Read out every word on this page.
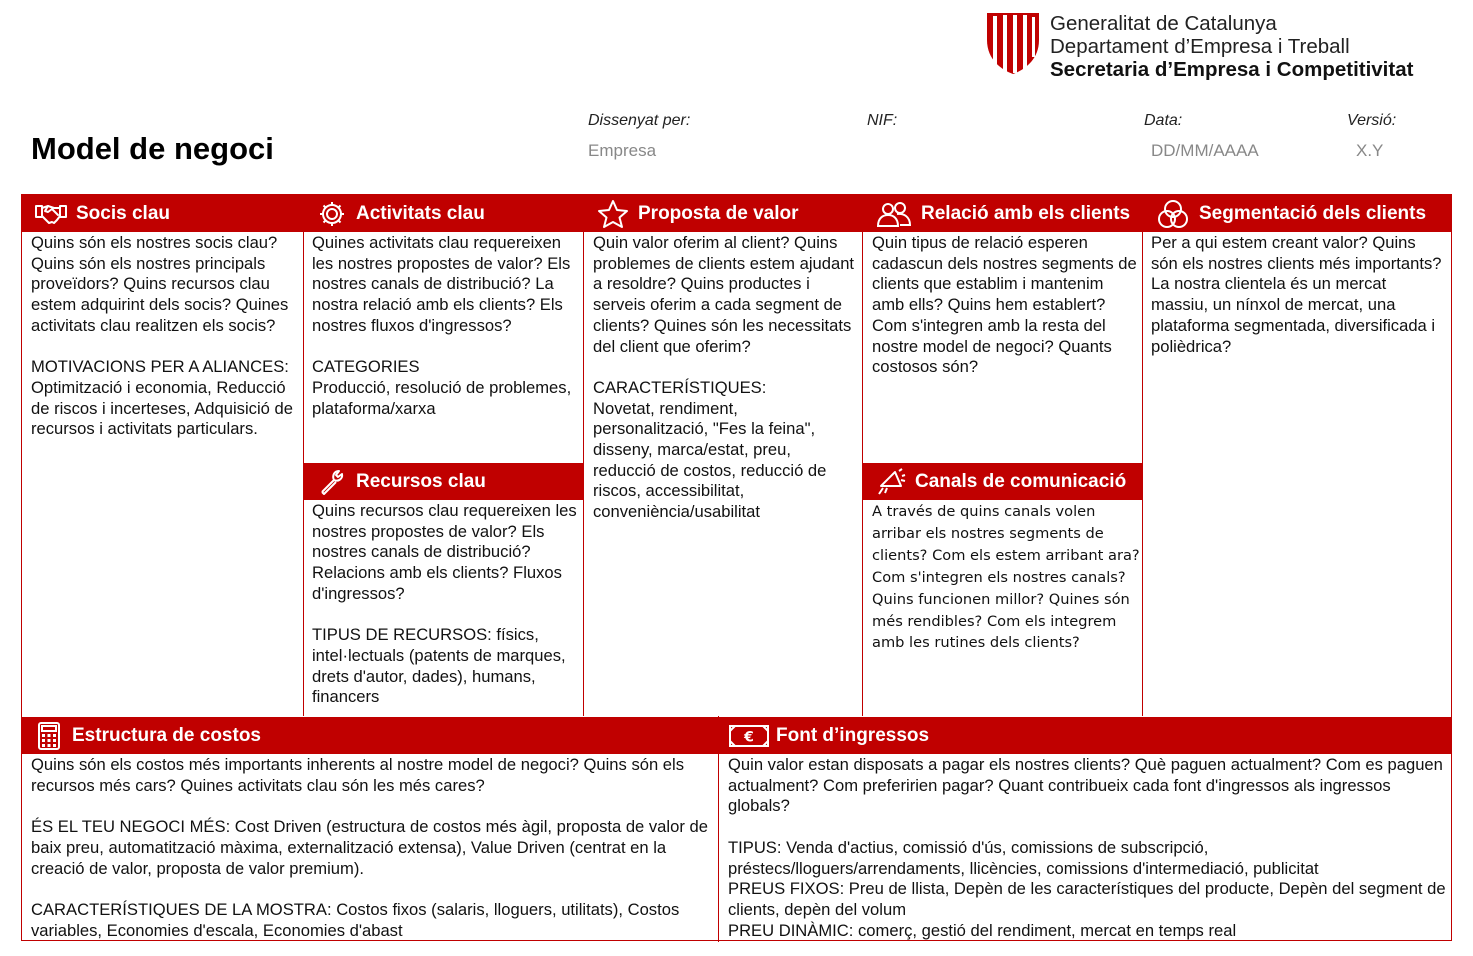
Generalitat de Catalunya
Departament d’Empresa i Treball
Secretaria d’Empresa i Competitivitat
Model de negoci
Dissenyat per:
Empresa
NIF:	Data:
DD/MM/AAAA
Versió:
X.Y
Socis clau
Quins són els nostres socis clau? Quins són els nostres principals proveïdors? Quins recursos clau estem adquirint dels socis? Quines activitats clau realitzen els socis?

MOTIVACIONS PER A ALIANCES: Optimització i economia, Reducció de riscos i incerteses, Adquisició de recursos i activitats particulars.
Activitats clau
Quines activitats clau requereixen les nostres propostes de valor? Els nostres canals de distribució? La nostra relació amb els clients? Els nostres fluxos d'ingressos?

CATEGORIES
Producció, resolució de problemes, plataforma/xarxa
Recursos clau
Quins recursos clau requereixen les nostres propostes de valor? Els nostres canals de distribució? Relacions amb els clients? Fluxos d'ingressos?

TIPUS DE RECURSOS: físics, intel·lectuals (patents de marques, drets d'autor, dades), humans, financers
Proposta de valor
Quin valor oferim al client? Quins problemes de clients estem ajudant a resoldre? Quins productes i serveis oferim a cada segment de clients? Quines són les necessitats del client que oferim?

CARACTERÍSTIQUES:
Novetat, rendiment, personalització, "Fes la feina", disseny, marca/estat, preu, reducció de costos, reducció de riscos, accessibilitat, conveniència/usabilitat
Relació amb els clients
Quin tipus de relació esperen cadascun dels nostres segments de clients que establim i mantenim amb ells? Quins hem establert? Com s'integren amb la resta del nostre model de negoci? Quants costosos són?
Canals de comunicació
A través de quins canals volen arribar els nostres segments de clients? Com els estem arribant ara? Com s'integren els nostres canals? Quins funcionen millor? Quines són més rendibles? Com els integrem amb les rutines dels clients?
Segmentació dels clients
Per a qui estem creant valor? Quins són els nostres clients més importants? La nostra clientela és un mercat massiu, un nínxol de mercat, una plataforma segmentada, diversificada i polièdrica?
Estructura de costos
Quins són els costos més importants inherents al nostre model de negoci? Quins són els recursos més cars? Quines activitats clau són les més cares?

ÉS EL TEU NEGOCI MÉS: Cost Driven (estructura de costos més àgil, proposta de valor de baix preu, automatització màxima, externalització extensa), Value Driven (centrat en la creació de valor, proposta de valor premium).

CARACTERÍSTIQUES DE LA MOSTRA: Costos fixos (salaris, lloguers, utilitats), Costos variables, Economies d'escala, Economies d'abast
€ Font d’ingressos
Quin valor estan disposats a pagar els nostres clients? Què paguen actualment? Com es paguen actualment? Com preferirien pagar? Quant contribueix cada font d'ingressos als ingressos globals?

TIPUS: Venda d'actius, comissió d'ús, comissions de subscripció, préstecs/lloguers/arrendaments, llicències, comissions d'intermediació, publicitat
PREUS FIXOS: Preu de llista, Depèn de les característiques del producte, Depèn del segment de clients, depèn del volum
PREU DINÀMIC: comerç, gestió del rendiment, mercat en temps real
